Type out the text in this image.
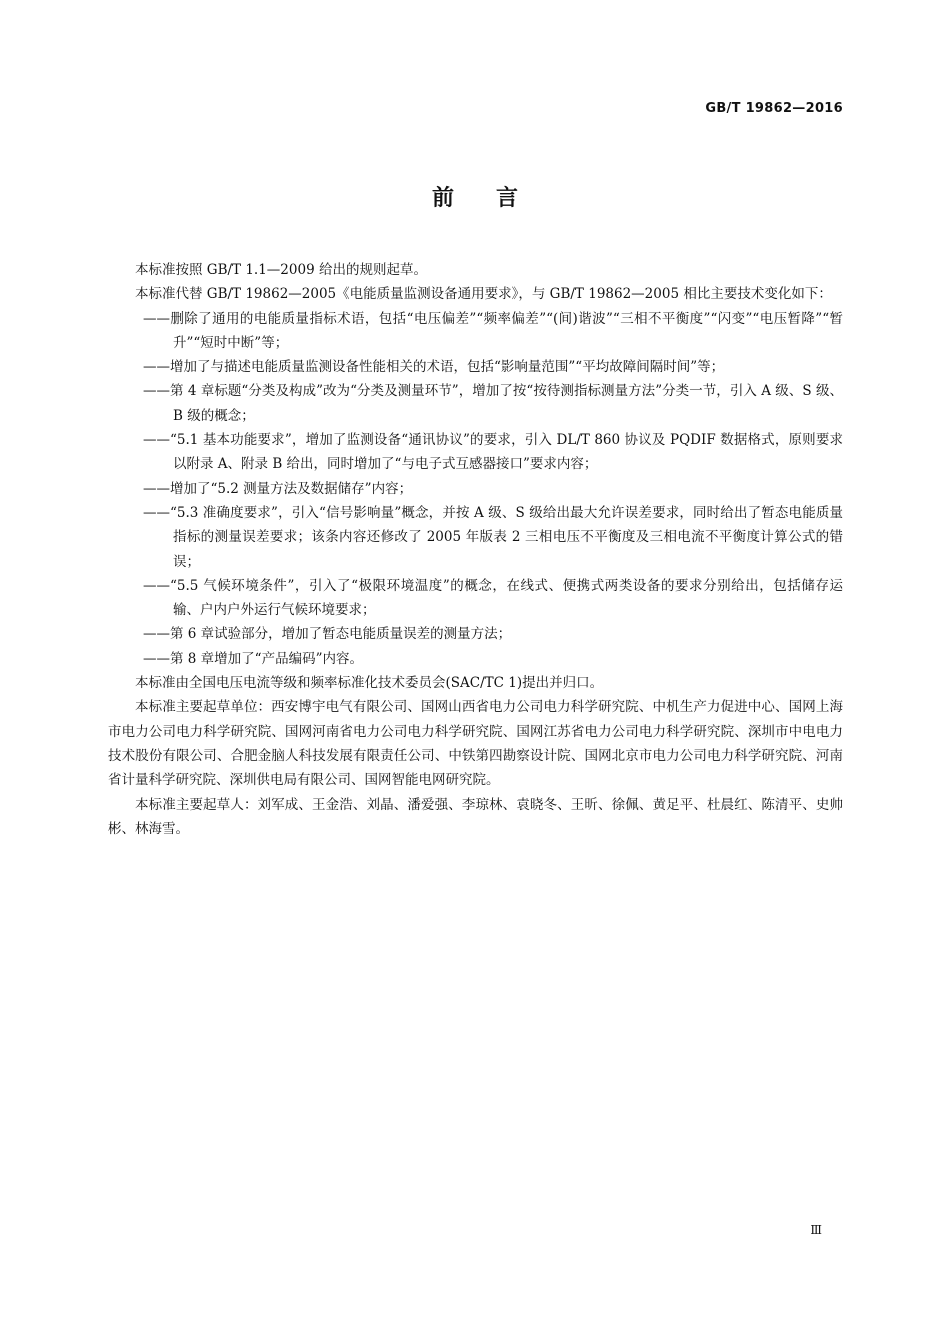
GB/T 19862—2016
前言

本标准按照 GB/T 1.1—2009 给出的规则起草。

本标准代替 GB/T 19862—2005《电能质量监测设备通用要求》，与 GB/T 19862—2005 相比主要技术变化如下：

——删除了通用的电能质量指标术语，包括“电压偏差”“频率偏差”“(间)谐波”“三相不平衡度”“闪变”“电压暂降”“暂升”“短时中断”等；

——增加了与描述电能质量监测设备性能相关的术语，包括“影响量范围”“平均故障间隔时间”等；

——第 4 章标题“分类及构成”改为“分类及测量环节”，增加了按“按待测指标测量方法”分类一节，引入 A 级、S 级、B 级的概念；

——“5.1 基本功能要求”，增加了监测设备“通讯协议”的要求，引入 DL/T 860 协议及 PQDIF 数据格式，原则要求以附录 A、附录 B 给出，同时增加了“与电子式互感器接口”要求内容；

——增加了“5.2 测量方法及数据储存”内容；

——“5.3 准确度要求”，引入“信号影响量”概念，并按 A 级、S 级给出最大允许误差要求，同时给出了暂态电能质量指标的测量误差要求；该条内容还修改了 2005 年版表 2 三相电压不平衡度及三相电流不平衡度计算公式的错误；

——“5.5 气候环境条件”，引入了“极限环境温度”的概念，在线式、便携式两类设备的要求分别给出，包括储存运输、户内户外运行气候环境要求；

——第 6 章试验部分，增加了暂态电能质量误差的测量方法；

——第 8 章增加了“产品编码”内容。

本标准由全国电压电流等级和频率标准化技术委员会(SAC/TC 1)提出并归口。

本标准主要起草单位：西安博宇电气有限公司、国网山西省电力公司电力科学研究院、中机生产力促进中心、国网上海市电力公司电力科学研究院、国网河南省电力公司电力科学研究院、国网江苏省电力公司电力科学研究院、深圳市中电电力技术股份有限公司、合肥金脑人科技发展有限责任公司、中铁第四勘察设计院、国网北京市电力公司电力科学研究院、河南省计量科学研究院、深圳供电局有限公司、国网智能电网研究院。

本标准主要起草人：刘军成、王金浩、刘晶、潘爱强、李琼林、袁晓冬、王昕、徐佩、黄足平、杜晨红、陈清平、史帅彬、林海雪。

Ⅲ
